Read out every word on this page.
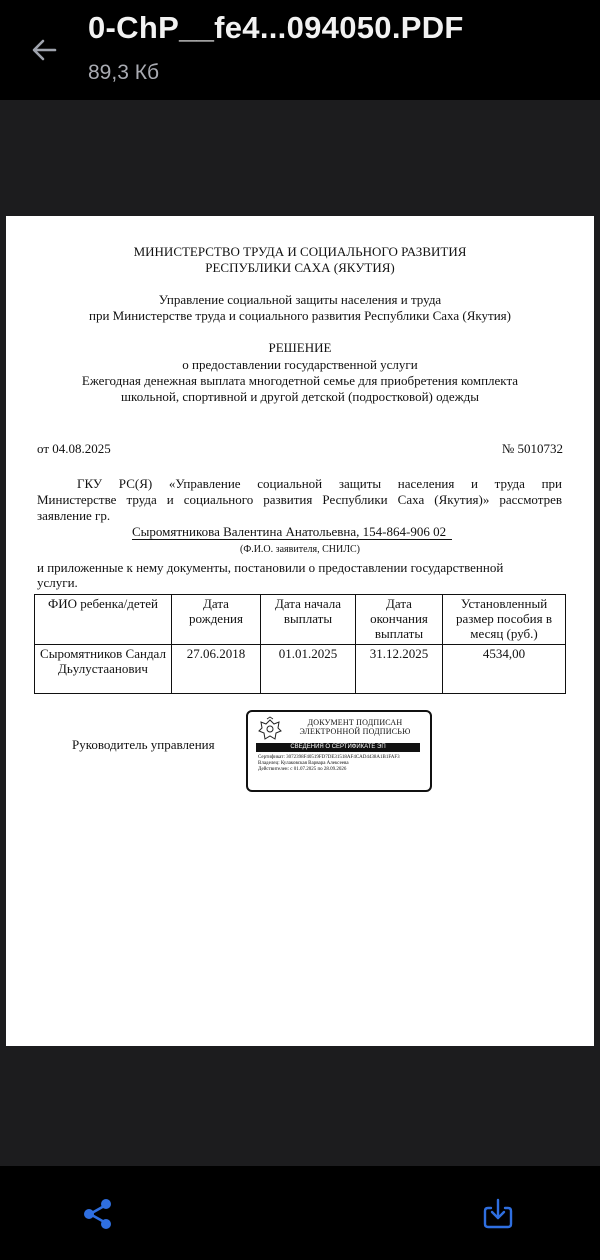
0-ChP__fe4...094050.PDF
89,3 Кб
МИНИСТЕРСТВО ТРУДА И СОЦИАЛЬНОГО РАЗВИТИЯ
РЕСПУБЛИКИ САХА (ЯКУТИЯ)
Управление социальной защиты населения и труда
при Министерстве труда и социального развития Республики Саха (Якутия)
РЕШЕНИЕ
о предоставлении государственной услуги
Ежегодная денежная выплата многодетной семье для приобретения комплекта
школьной, спортивной и другой детской (подростковой) одежды
от 04.08.2025	№ 5010732
ГКУ РС(Я) «Управление социальной защиты населения и труда при
Министерстве труда и социального развития Республики Саха (Якутия)» рассмотрев
заявление гр.
Сыромятникова Валентина Анатольевна, 154-864-906 02
(Ф.И.О. заявителя, СНИЛС)
и приложенные к нему документы, постановили о предоставлении государственной
услуги.
ФИО ребенка/детей	Дата рождения	Дата начала выплаты	Дата окончания выплаты	Установленный размер пособия в месяц (руб.)
Сыромятников Сандал Дьулустаанович	27.06.2018	01.01.2025	31.12.2025	4534,00
Руководитель управления
ДОКУМЕНТ ПОДПИСАН
ЭЛЕКТРОННОЙ ПОДПИСЬЮ
СВЕДЕНИЯ О СЕРТИФИКАТЕ ЭП
Сертификат: 3072398F40519FD7DE31518AF4CAD4438A1B1FAF3
Владелец: Кулаковская Варвара Алексеева
Действителен: с 01.07.2025 по 28.09.2026
